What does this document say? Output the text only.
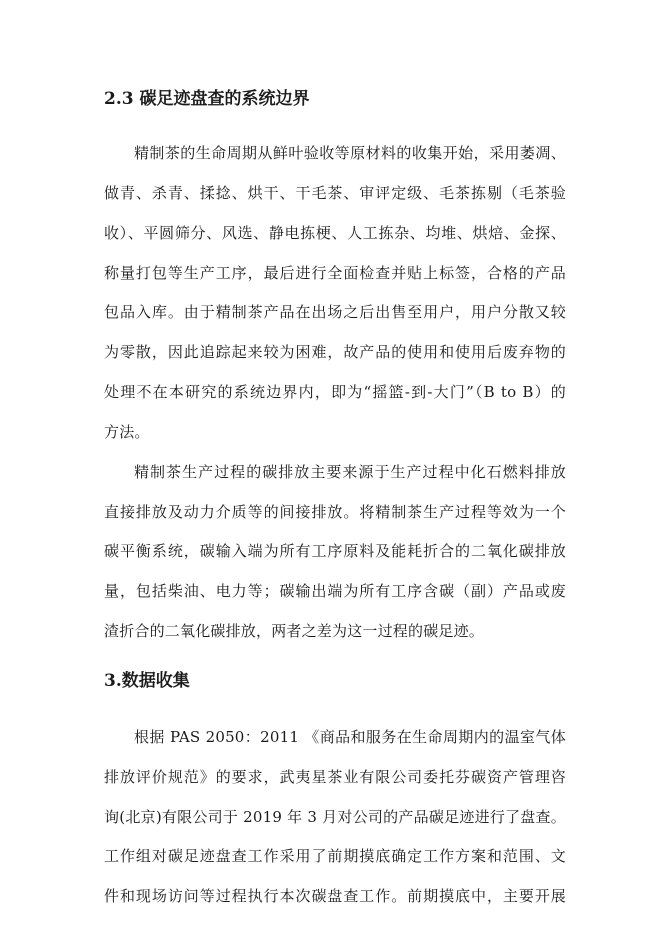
2.3 碳足迹盘查的系统边界
精制茶的生命周期从鲜叶验收等原材料的收集开始，采用萎凋、
做青、杀青、揉捻、烘干、干毛茶、审评定级、毛茶拣剔（毛茶验
收）、平圆筛分、风选、静电拣梗、人工拣杂、均堆、烘焙、金探、
称量打包等生产工序，最后进行全面检查并贴上标签，合格的产品
包品入库。由于精制茶产品在出场之后出售至用户，用户分散又较
为零散，因此追踪起来较为困难，故产品的使用和使用后废弃物的
处理不在本研究的系统边界内，即为“摇篮-到-大门”（B to B）的
方法。
精制茶生产过程的碳排放主要来源于生产过程中化石燃料排放
直接排放及动力介质等的间接排放。将精制茶生产过程等效为一个
碳平衡系统，碳输入端为所有工序原料及能耗折合的二氧化碳排放
量，包括柴油、电力等；碳输出端为所有工序含碳（副）产品或废
渣折合的二氧化碳排放，两者之差为这一过程的碳足迹。
3.数据收集
根据 PAS 2050：2011 《商品和服务在生命周期内的温室气体
排放评价规范》的要求，武夷星茶业有限公司委托芬碳资产管理咨
询(北京)有限公司于 2019 年 3 月对公司的产品碳足迹进行了盘查。
工作组对碳足迹盘查工作采用了前期摸底确定工作方案和范围、文
件和现场访问等过程执行本次碳盘查工作。前期摸底中，主要开展
